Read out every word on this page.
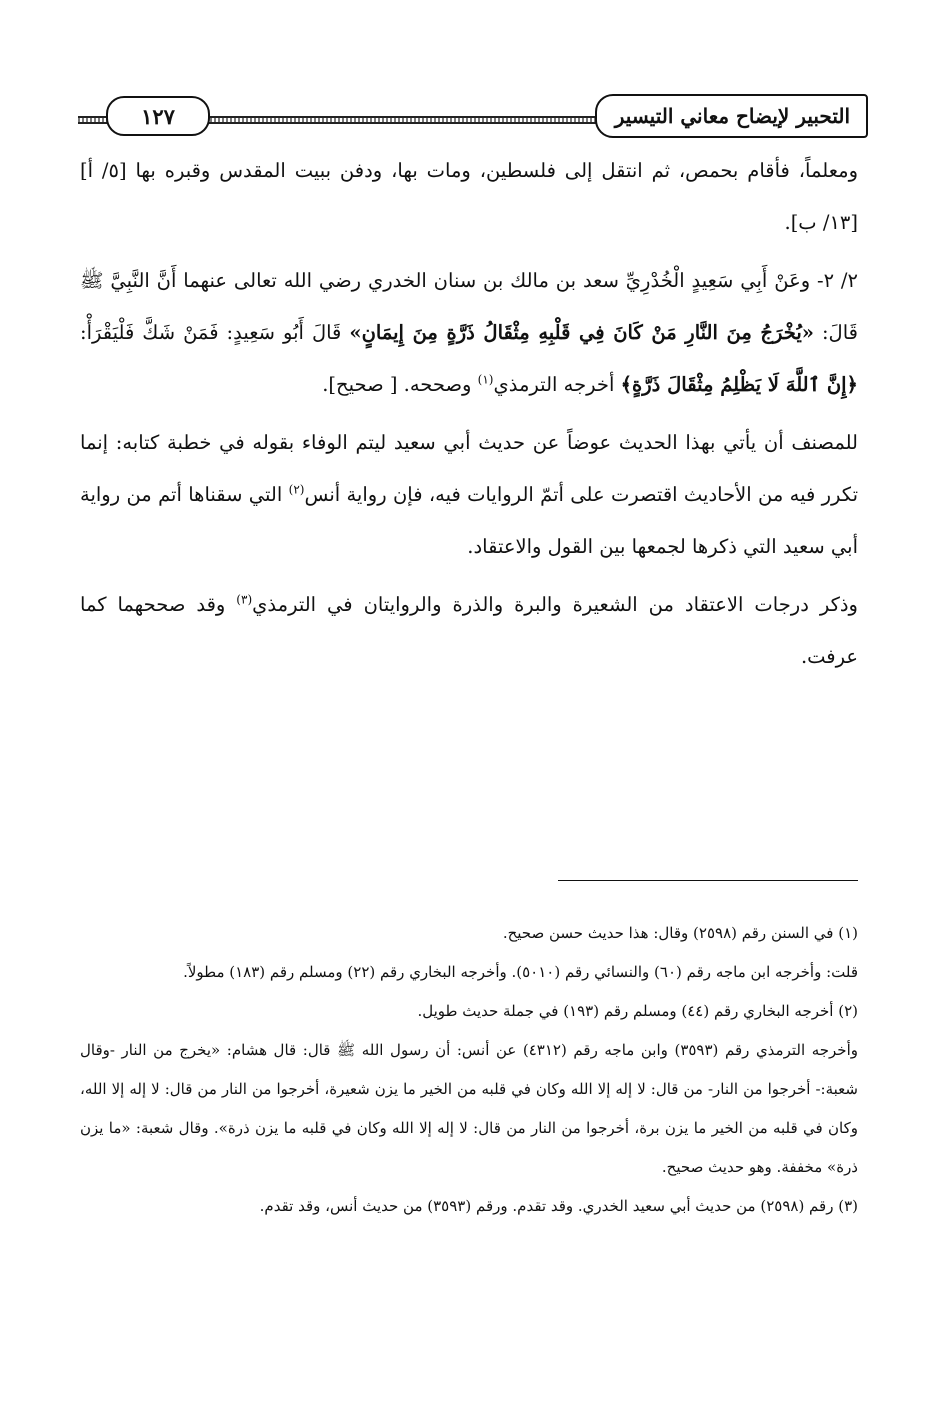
التحبير لإيضاح معاني التيسير
١٢٧

ومعلماً، فأقام بحمص، ثم انتقل إلى فلسطين، ومات بها، ودفن ببيت المقدس وقبره بها [٥/ أ] [١٣/ ب].

٢/ ٢- وعَنْ أَبِي سَعِيدٍ الْخُدْرِيِّ سعد بن مالك بن سنان الخدري رضي الله تعالى عنهما أَنَّ النَّبِيَّ ﷺ قَالَ: «يُخْرَجُ مِنَ النَّارِ مَنْ كَانَ فِي قَلْبِهِ مِثْقَالُ ذَرَّةٍ مِنَ إِيمَانٍ» قَالَ أَبُو سَعِيدٍ: فَمَنْ شَكَّ فَلْيَقْرَأْ: ﴿إِنَّ ٱللَّهَ لَا يَظْلِمُ مِثْقَالَ ذَرَّةٍ﴾ أخرجه الترمذي$^{(١)}$ وصححه. [ صحيح].

للمصنف أن يأتي بهذا الحديث عوضاً عن حديث أبي سعيد ليتم الوفاء بقوله في خطبة كتابه: إنما تكرر فيه من الأحاديث اقتصرت على أتمّ الروايات فيه، فإن رواية أنس$^{(٢)}$ التي سقناها أتم من رواية أبي سعيد التي ذكرها لجمعها بين القول والاعتقاد.

وذكر درجات الاعتقاد من الشعيرة والبرة والذرة والروايتان في الترمذي$^{(٣)}$ وقد صححهما كما عرفت.

(١) في السنن رقم (٢٥٩٨) وقال: هذا حديث حسن صحيح.

قلت: وأخرجه ابن ماجه رقم (٦٠) والنسائي رقم (٥٠١٠). وأخرجه البخاري رقم (٢٢) ومسلم رقم (١٨٣) مطولاً.

(٢) أخرجه البخاري رقم (٤٤) ومسلم رقم (١٩٣) في جملة حديث طويل.

وأخرجه الترمذي رقم (٣٥٩٣) وابن ماجه رقم (٤٣١٢) عن أنس: أن رسول الله ﷺ قال: قال هشام: «يخرج من النار -وقال شعبة:- أخرجوا من النار- من قال: لا إله إلا الله وكان في قلبه من الخير ما يزن شعيرة، أخرجوا من النار من قال: لا إله إلا الله، وكان في قلبه من الخير ما يزن برة، أخرجوا من النار من قال: لا إله إلا الله وكان في قلبه ما يزن ذرة». وقال شعبة: «ما يزن ذرة» مخففة. وهو حديث صحيح.

(٣) رقم (٢٥٩٨) من حديث أبي سعيد الخدري. وقد تقدم. ورقم (٣٥٩٣) من حديث أنس، وقد تقدم.
